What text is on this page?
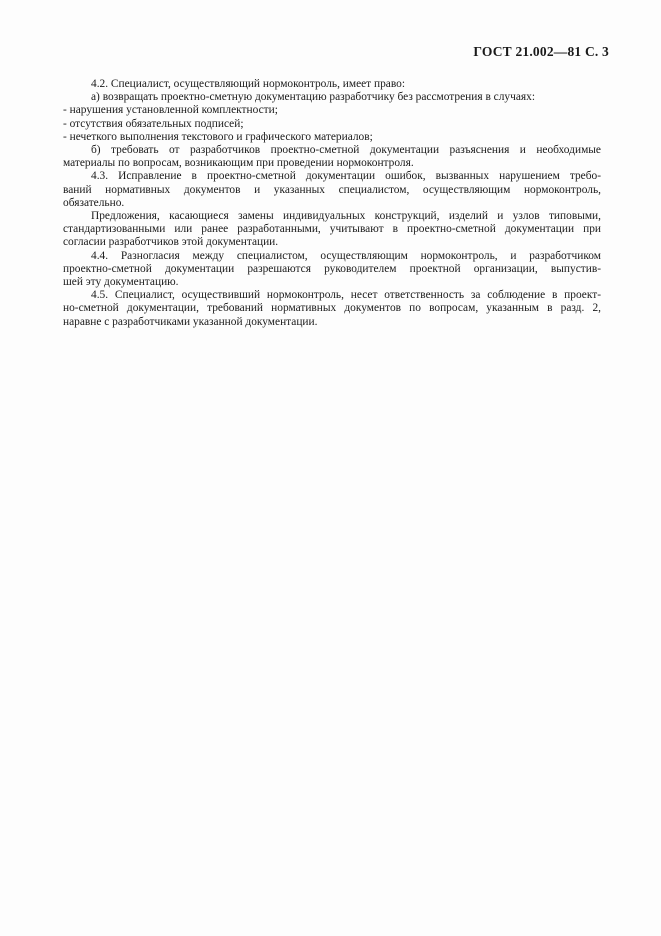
ГОСТ 21.002—81 С. 3
4.2. Специалист, осуществляющий нормоконтроль, имеет право:
а) возвращать проектно-сметную документацию разработчику без рассмотрения в случаях:
- нарушения установленной комплектности;
- отсутствия обязательных подписей;
- нечеткого выполнения текстового и графического материалов;
б) требовать от разработчиков проектно-сметной документации разъяснения и необходимые
материалы по вопросам, возникающим при проведении нормоконтроля.
4.3. Исправление в проектно-сметной документации ошибок, вызванных нарушением требо-
ваний нормативных документов и указанных специалистом, осуществляющим нормоконтроль,
обязательно.
Предложения, касающиеся замены индивидуальных конструкций, изделий и узлов типовыми,
стандартизованными или ранее разработанными, учитывают в проектно-сметной документации при
согласии разработчиков этой документации.
4.4. Разногласия между специалистом, осуществляющим нормоконтроль, и разработчиком
проектно-сметной документации разрешаются руководителем проектной организации, выпустив-
шей эту документацию.
4.5. Специалист, осуществивший нормоконтроль, несет ответственность за соблюдение в проект-
но-сметной документации, требований нормативных документов по вопросам, указанным в разд. 2,
наравне с разработчиками указанной документации.
